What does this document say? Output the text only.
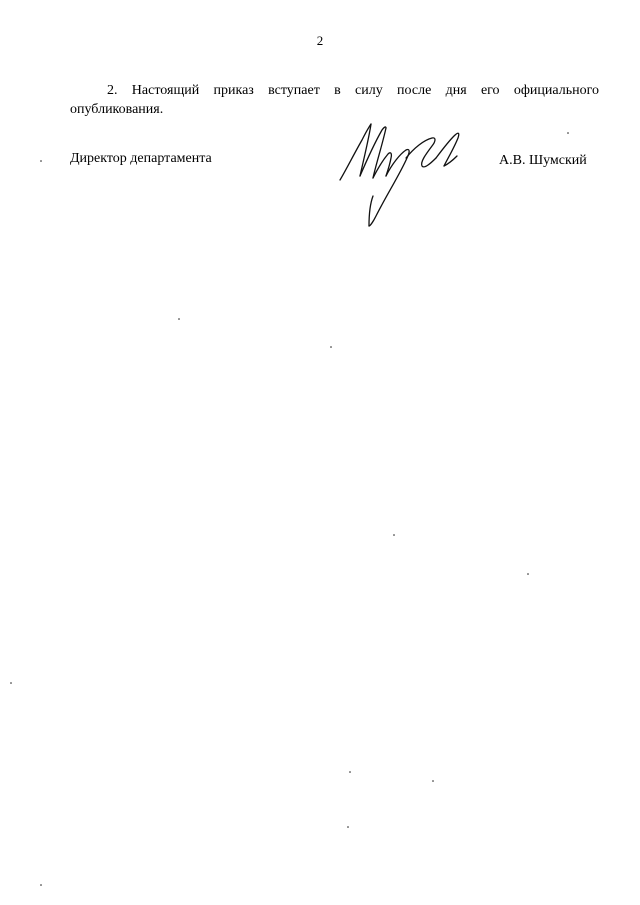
2
2. Настоящий приказ вступает в силу после дня его официального
опубликования.
Директор департамента	А.В. Шумский
